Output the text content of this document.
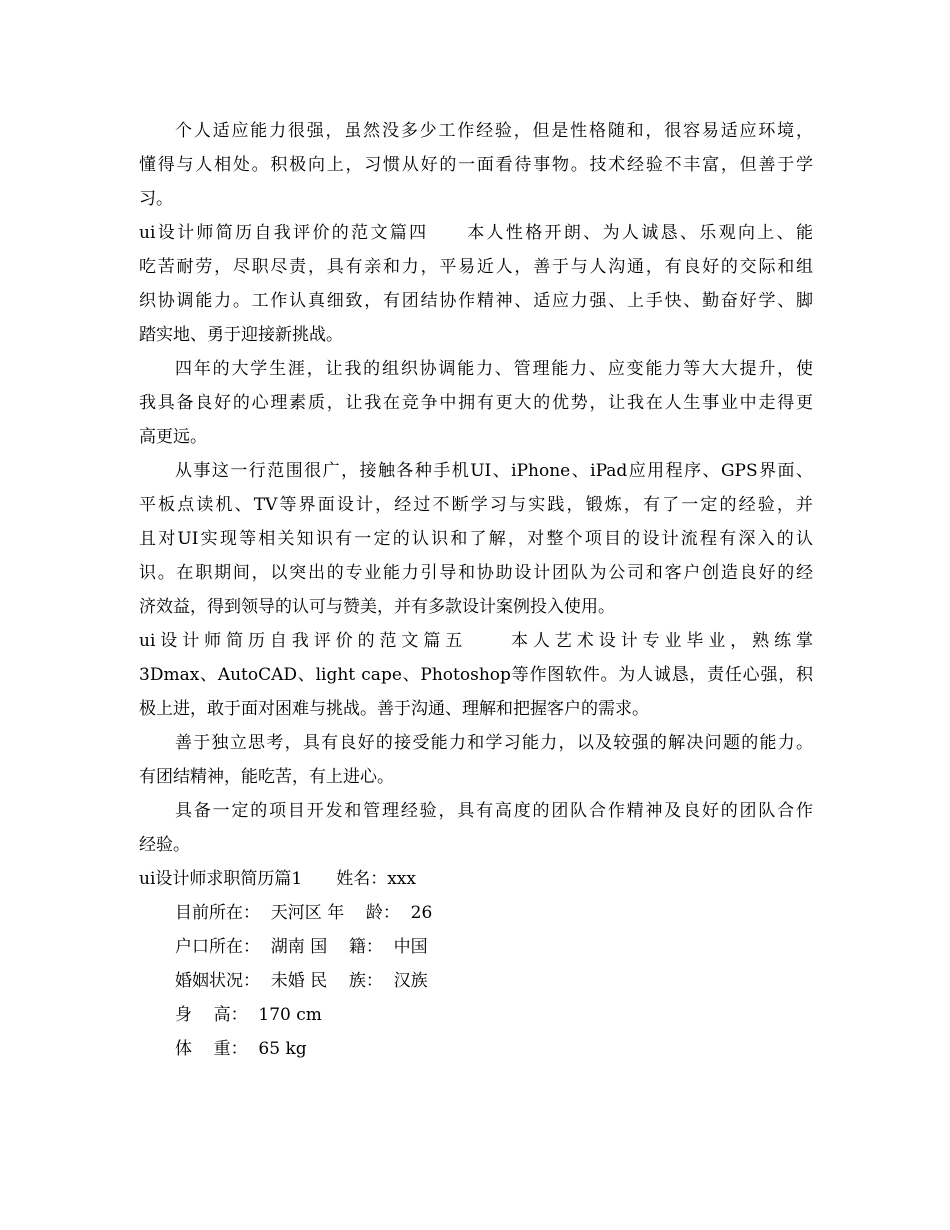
个人适应能力很强，虽然没多少工作经验，但是性格随和，很容易适应环境，
懂得与人相处。积极向上，习惯从好的一面看待事物。技术经验不丰富，但善于学
习。
ui设计师简历自我评价的范文篇四　　本人性格开朗、为人诚恳、乐观向上、能
吃苦耐劳，尽职尽责，具有亲和力，平易近人，善于与人沟通，有良好的交际和组
织协调能力。工作认真细致，有团结协作精神、适应力强、上手快、勤奋好学、脚
踏实地、勇于迎接新挑战。
四年的大学生涯，让我的组织协调能力、管理能力、应变能力等大大提升，使
我具备良好的心理素质，让我在竞争中拥有更大的优势，让我在人生事业中走得更
高更远。
从事这一行范围很广，接触各种手机UI、iPhone、iPad应用程序、GPS界面、
平板点读机、TV等界面设计，经过不断学习与实践，锻炼，有了一定的经验，并
且对UI实现等相关知识有一定的认识和了解，对整个项目的设计流程有深入的认
识。在职期间，以突出的专业能力引导和协助设计团队为公司和客户创造良好的经
济效益，得到领导的认可与赞美，并有多款设计案例投入使用。
ui设计师简历自我评价的范文篇五　　本人艺术设计专业毕业，熟练掌
3Dmax、AutoCAD、light cape、Photoshop等作图软件。为人诚恳，责任心强，积
极上进，敢于面对困难与挑战。善于沟通、理解和把握客户的需求。
善于独立思考，具有良好的接受能力和学习能力，以及较强的解决问题的能力。
有团结精神，能吃苦，有上进心。
具备一定的项目开发和管理经验，具有高度的团队合作精神及良好的团队合作
经验。
ui设计师求职简历篇1　　姓名：xxx
目前所在：  天河区 年    龄：  26
户口所在：  湖南 国    籍：  中国
婚姻状况：  未婚 民    族：  汉族
身    高：  170 cm
体    重：  65 kg
